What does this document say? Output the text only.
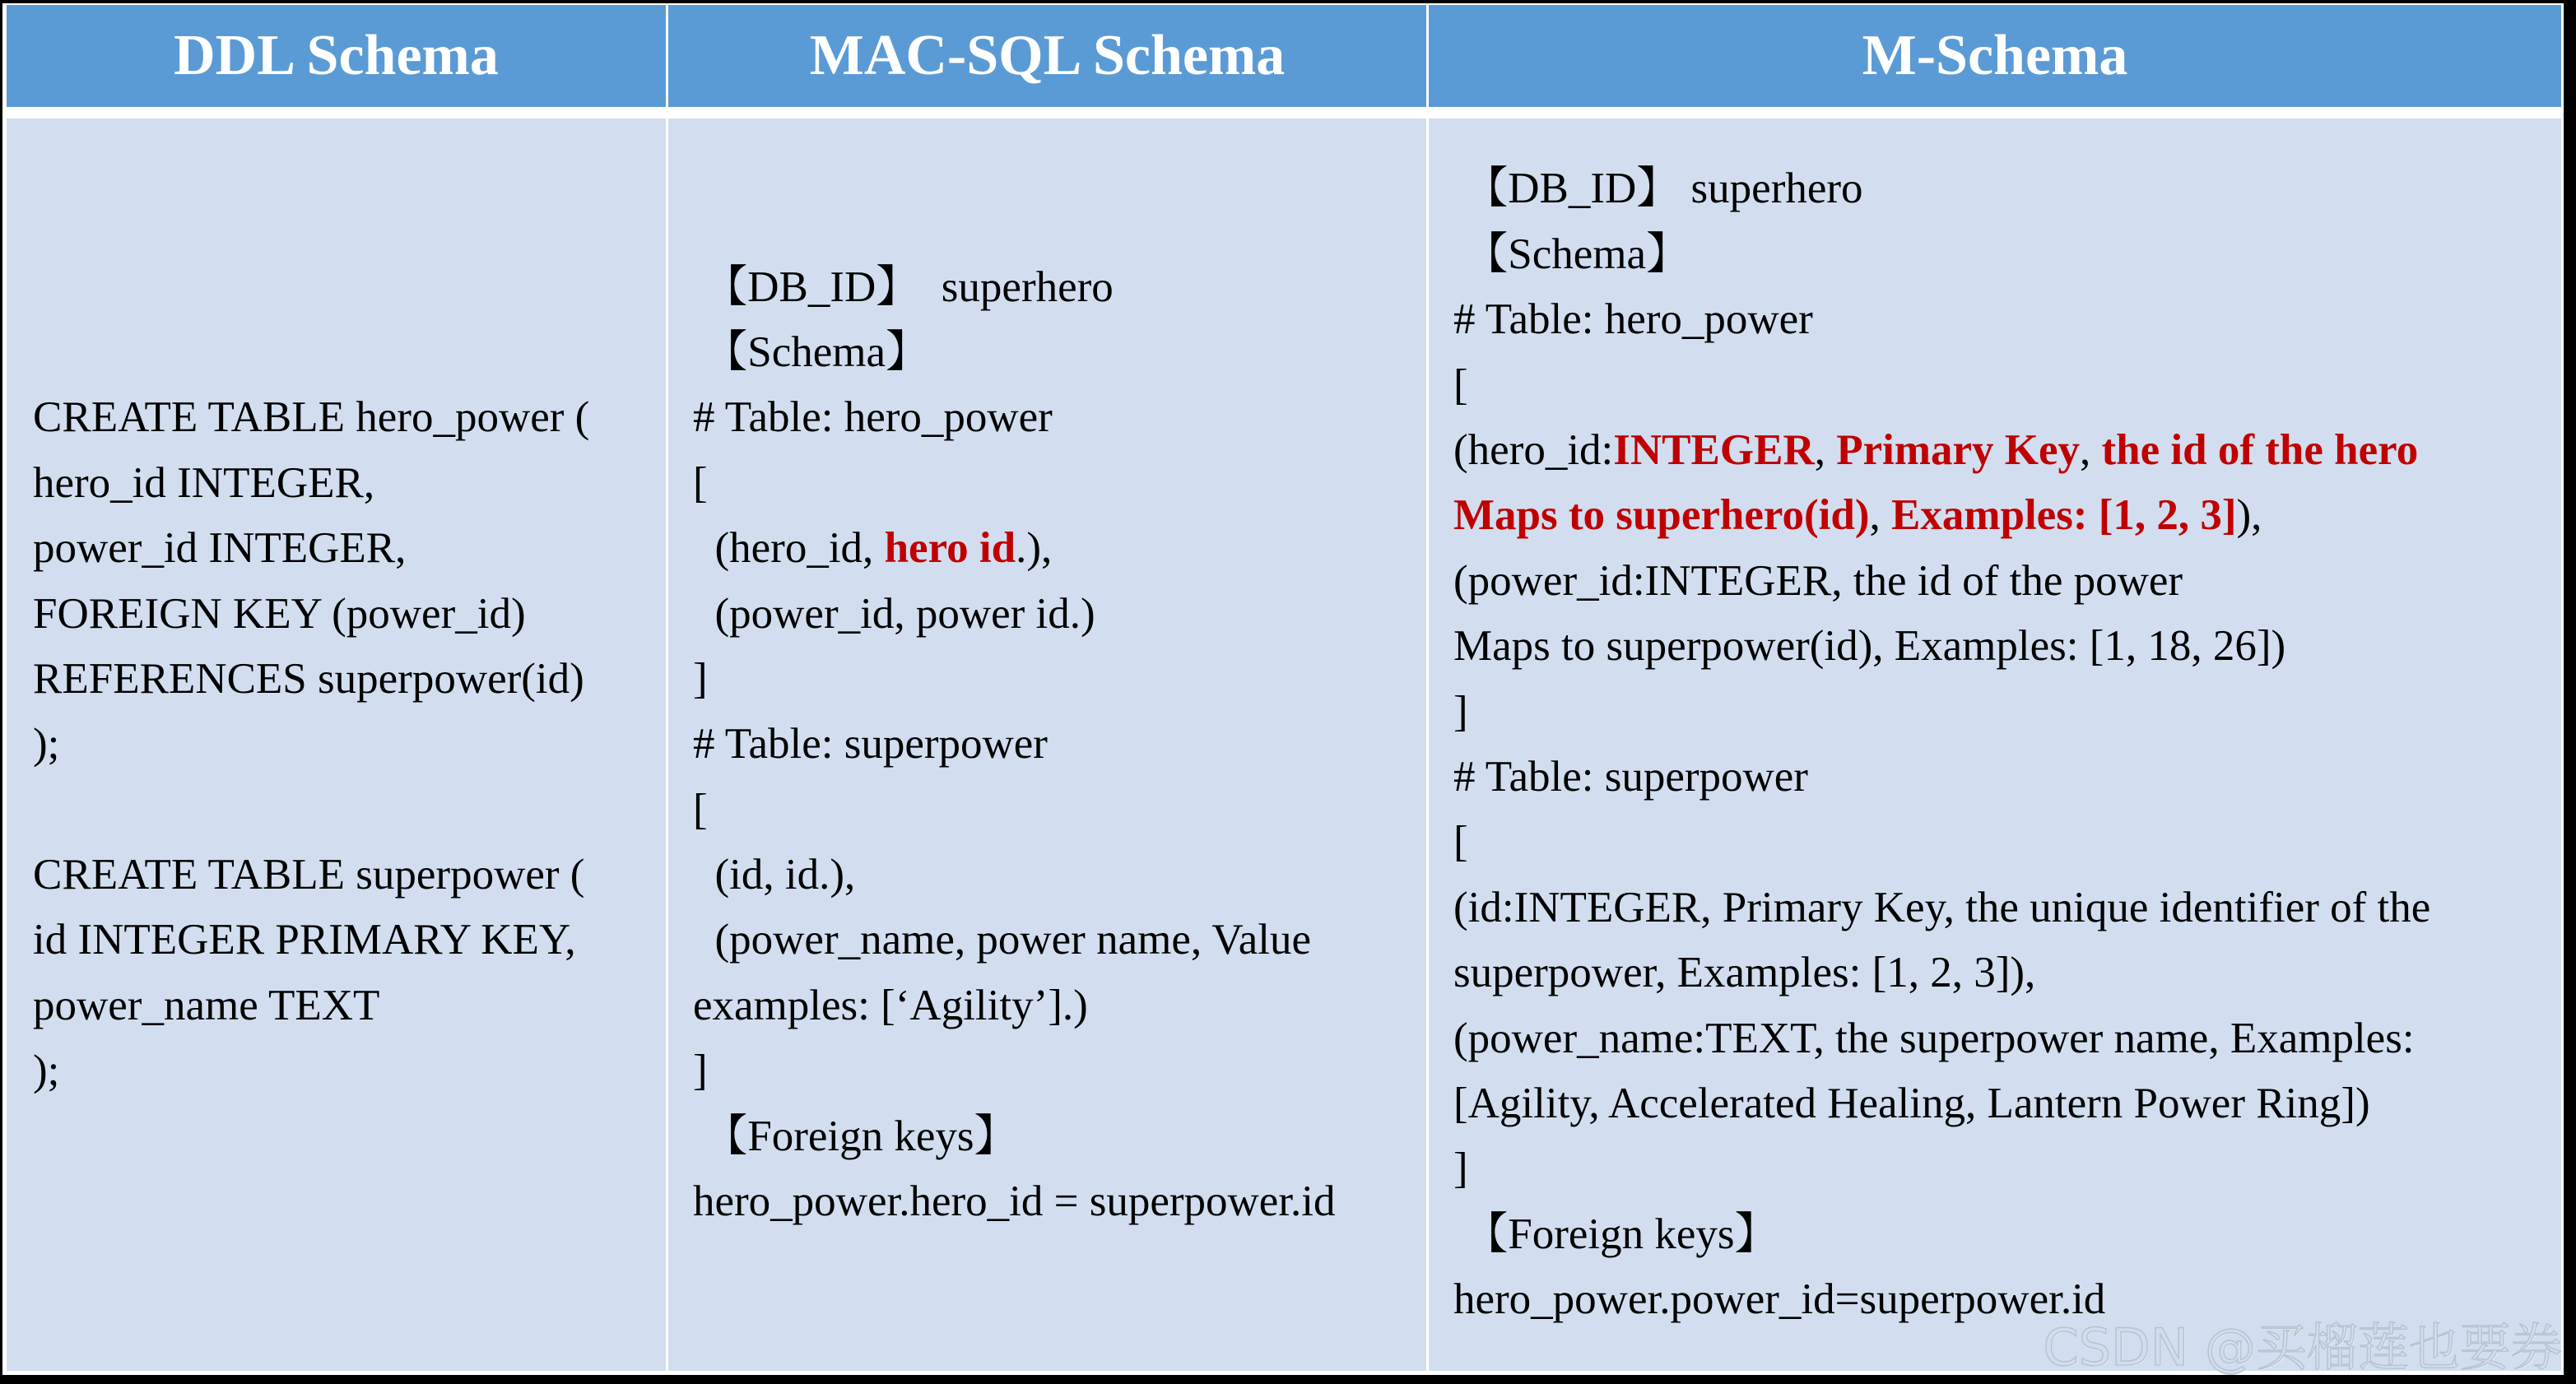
DDL Schema	MAC-SQL Schema	M-Schema
CREATE TABLE hero_power (
hero_id INTEGER,
power_id INTEGER,
FOREIGN KEY (power_id)
REFERENCES superpower(id)
);

CREATE TABLE superpower (
id INTEGER PRIMARY KEY,
power_name TEXT
);
【DB_ID】  superhero
【Schema】
# Table: hero_power
[
(hero_id, hero id.),
(power_id, power id.)
]
# Table: superpower
[
(id, id.),
(power_name, power name, Value
examples: [‘Agility’].)
]
【Foreign keys】
hero_power.hero_id = superpower.id
【DB_ID】 superhero
【Schema】
# Table: hero_power
[
(hero_id:INTEGER, Primary Key, the id of the hero
Maps to superhero(id), Examples: [1, 2, 3]),
(power_id:INTEGER, the id of the power
Maps to superpower(id), Examples: [1, 18, 26])
]
# Table: superpower
[
(id:INTEGER, Primary Key, the unique identifier of the
superpower, Examples: [1, 2, 3]),
(power_name:TEXT, the superpower name, Examples:
[Agility, Accelerated Healing, Lantern Power Ring])
]
【Foreign keys】
hero_power.power_id=superpower.id
CSDN @买榴莲也要券
